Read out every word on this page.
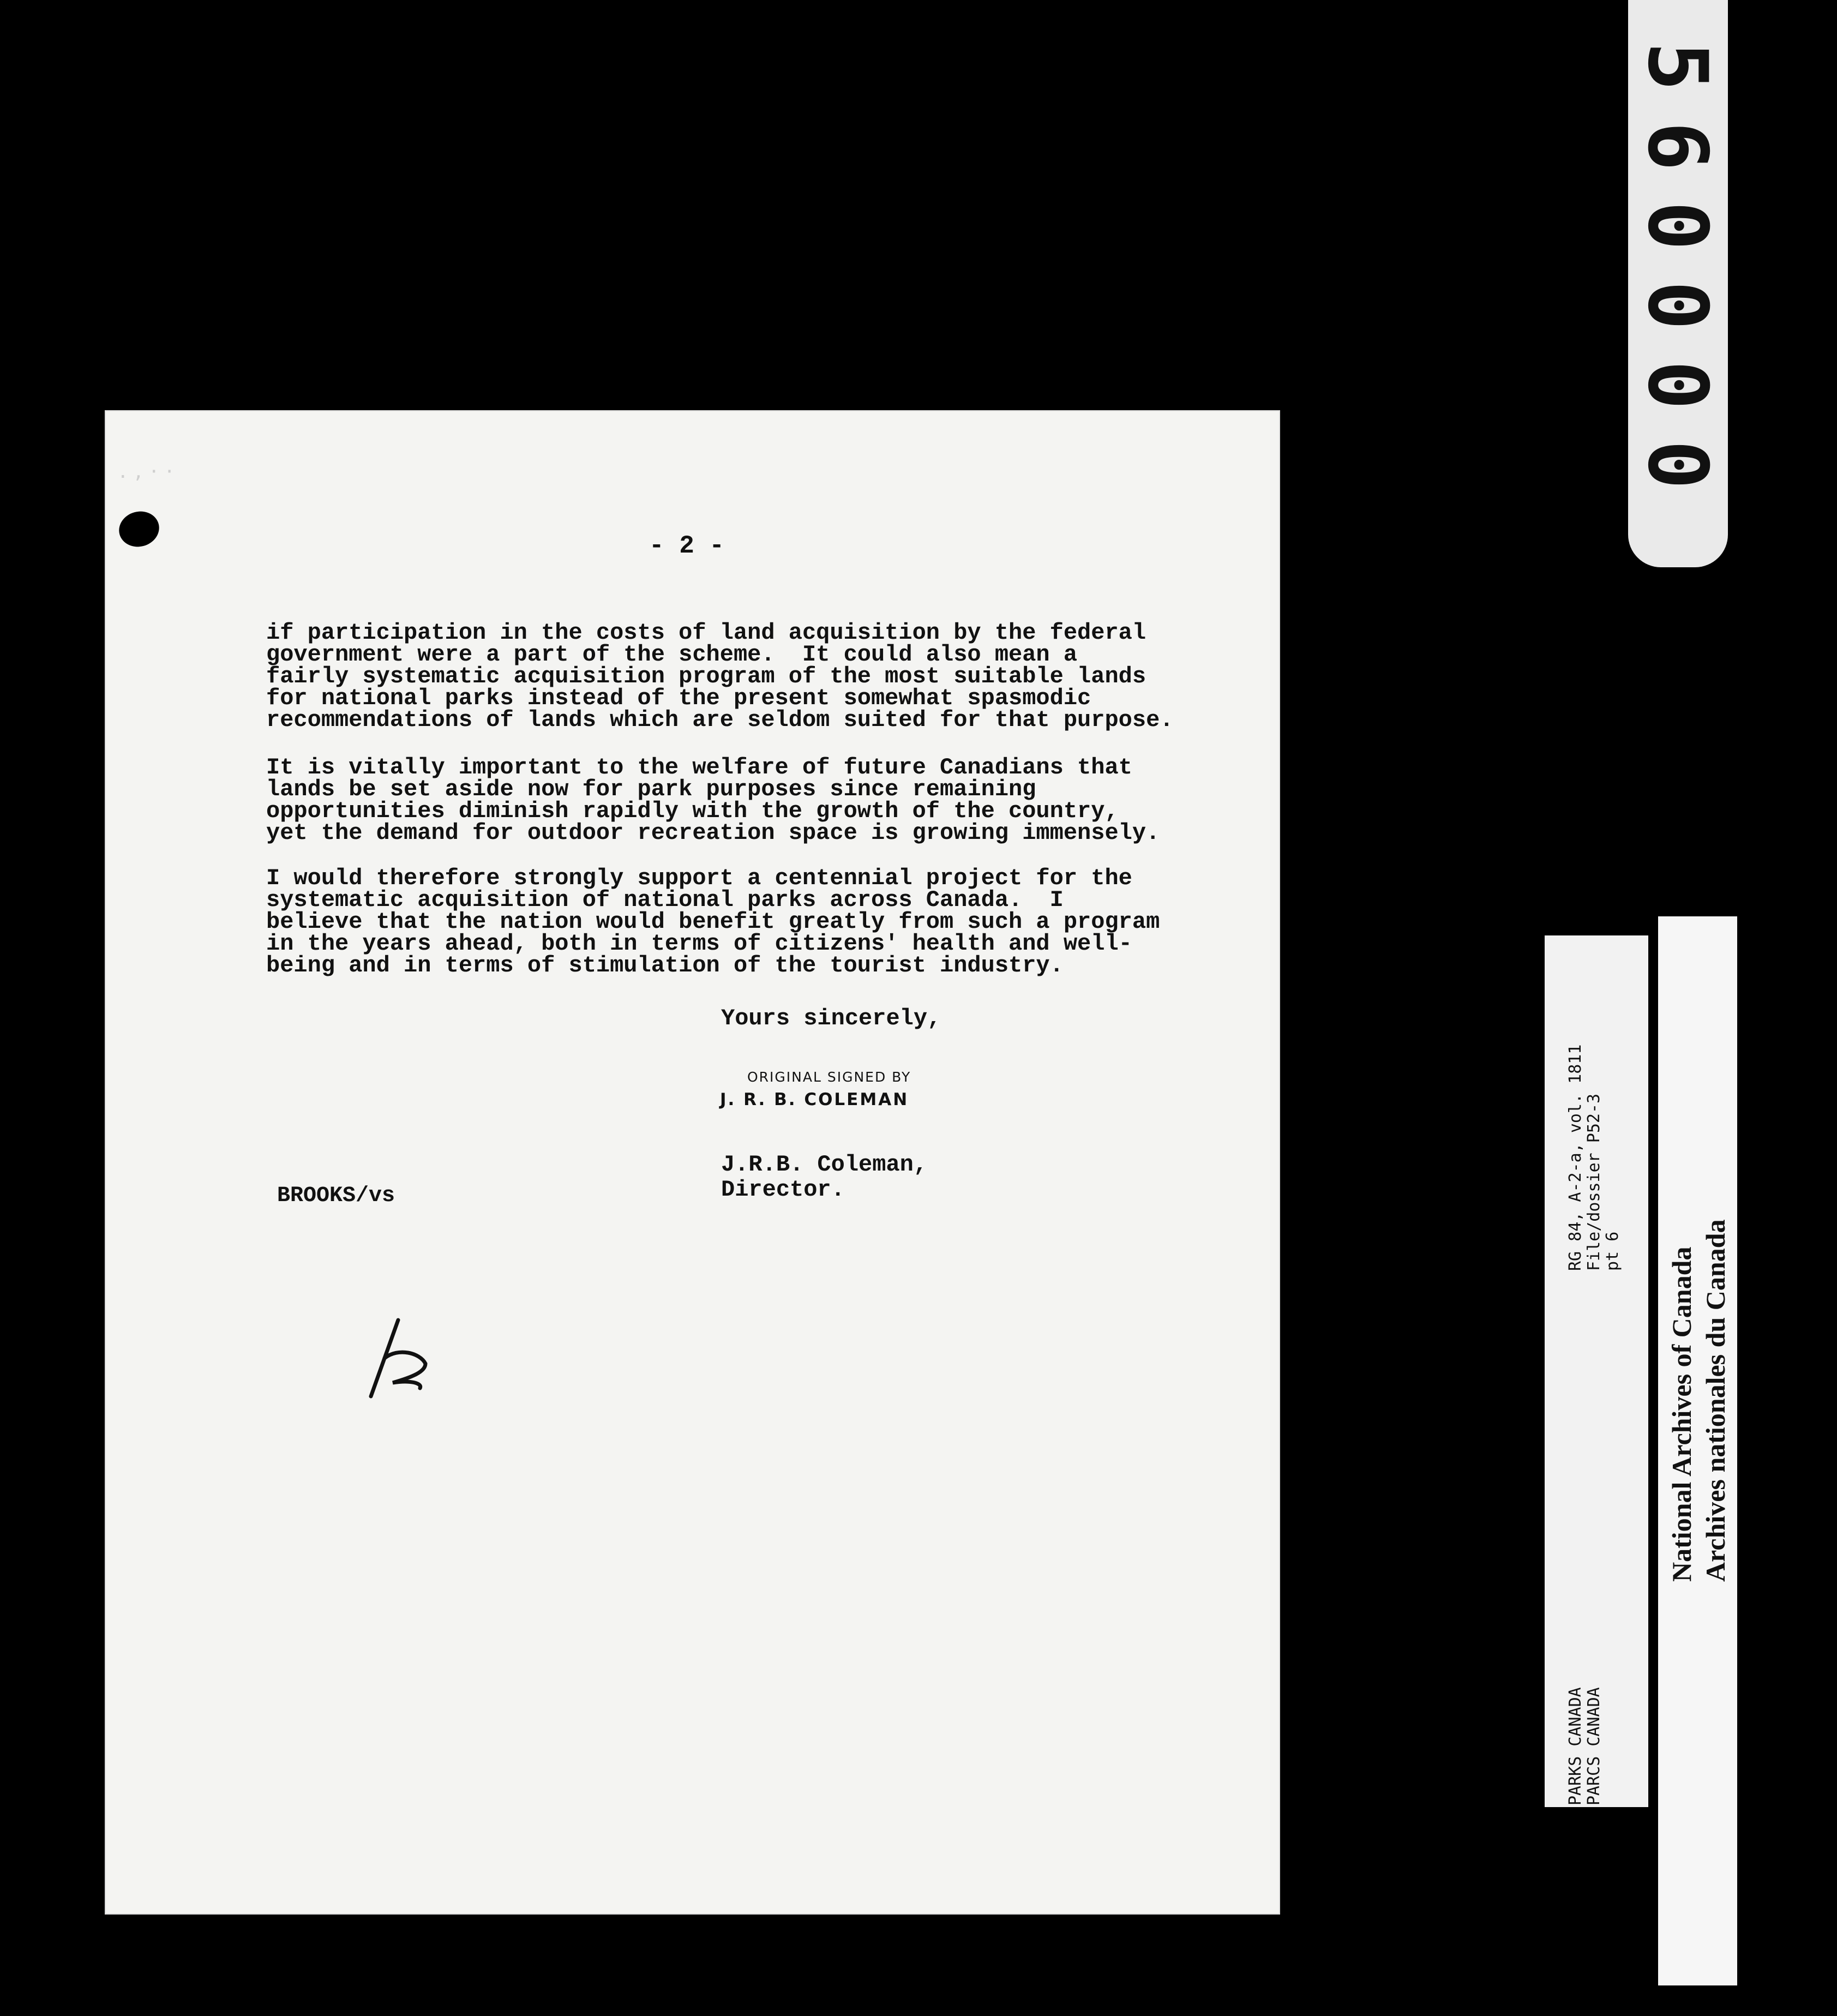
.,··
- 2 -

if participation in the costs of land acquisition by the federal
government were a part of the scheme.  It could also mean a
fairly systematic acquisition program of the most suitable lands
for national parks instead of the present somewhat spasmodic
recommendations of lands which are seldom suited for that purpose.

It is vitally important to the welfare of future Canadians that
lands be set aside now for park purposes since remaining
opportunities diminish rapidly with the growth of the country,
yet the demand for outdoor recreation space is growing immensely.

I would therefore strongly support a centennial project for the
systematic acquisition of national parks across Canada.  I
believe that the nation would benefit greatly from such a program
in the years ahead, both in terms of citizens' health and well-
being and in terms of stimulation of the tourist industry.

Yours sincerely,
ORIGINAL SIGNED BY
J. R. B. COLEMAN
J.R.B. Coleman,
Director.
BROOKS/vs
5
6
0
0
0
0
RG 84, A-2-a, vol. 1811 File/dossier P52-3 pt 6
PARKS CANADA PARCS CANADA
National Archives of Canada Archives nationales du Canada
